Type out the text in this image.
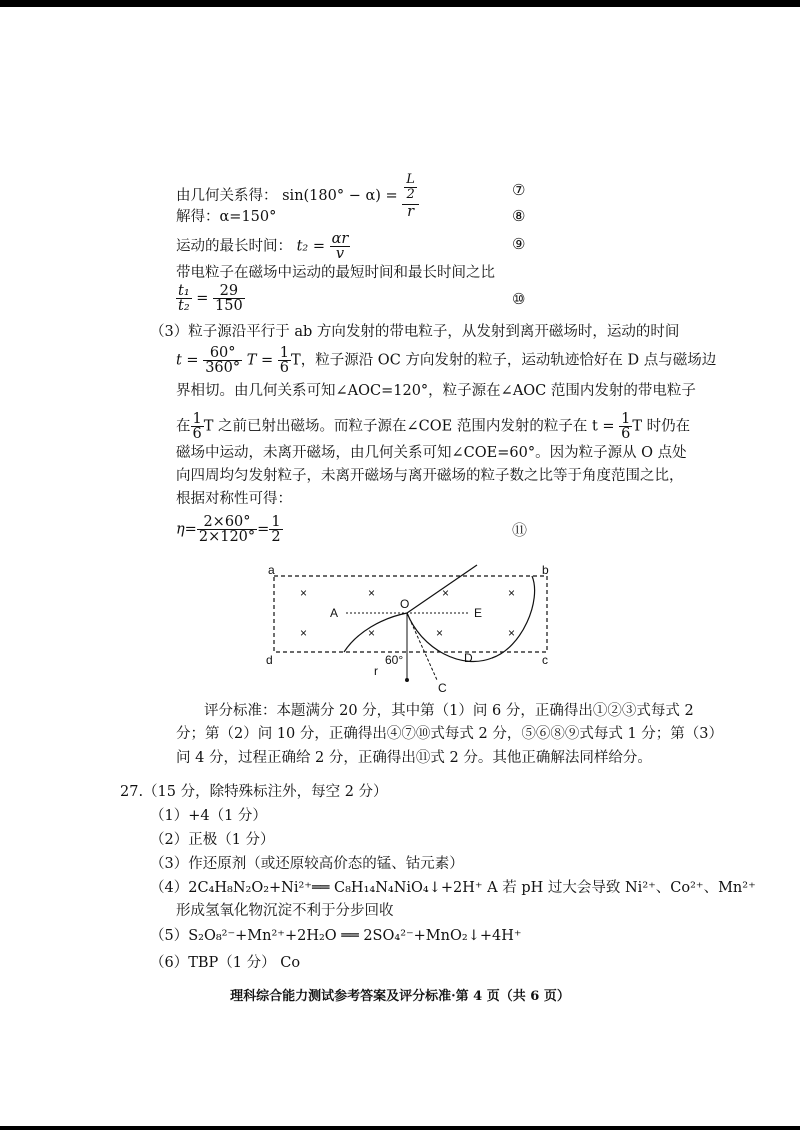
由几何关系得： $\sin(180^\circ - \alpha) = \frac{\frac{L}{2}}{r}$	⑦
解得：α=150°	⑧
运动的最长时间： $t_2 = \frac{\alpha r}{v}$	⑨
带电粒子在磁场中运动的最短时间和最长时间之比
$\frac{\text{t₁}}{\text{t₂}} = \frac{29}{150}$	⑩
（3）粒子源沿平行于 ab 方向发射的带电粒子，从发射到离开磁场时，运动的时间
$t = \frac{60^\circ}{360^\circ}$ $T = \frac{1}{6}$ T，粒子源沿 OC 方向发射的粒子，运动轨迹恰好在 D 点与磁场边
界相切。由几何关系可知∠AOC=120°，粒子源在∠AOC 范围内发射的带电粒子
在 $\frac{1}{6}$ T 之前已射出磁场。而粒子源在∠COE 范围内发射的粒子在 $t = \frac{1}{6}$ T 时仍在
磁场中运动，未离开磁场，由几何关系可知∠COE=60°。因为粒子源从 O 点处
向四周均匀发射粒子，未离开磁场与离开磁场的粒子数之比等于角度范围之比，
根据对称性可得：
$\eta= \frac{2\times 60^\circ}{2\times 120^\circ} = \frac{1}{2}$	⑪
a	b
c
d
×	×	×	×
×	×	×	×
A	E
O
D
C
r
60°
评分标准：本题满分 20 分，其中第（1）问 6 分，正确得出①②③式每式 2
分；第（2）问 10 分，正确得出④⑦⑩式每式 2 分，⑤⑥⑧⑨式每式 1 分；第（3）
问 4 分，过程正确给 2 分，正确得出⑪式 2 分。其他正确解法同样给分。
27.（15 分，除特殊标注外，每空 2 分）
（1）+4（1 分）
（2）正极（1 分）
（3）作还原剂（或还原较高价态的锰、钴元素）
（4）2C₄H₈N₂O₂+Ni²⁺══ C₈H₁₄N₄NiO₄↓+2H⁺ A 若 pH 过大会导致 Ni²⁺、Co²⁺、Mn²⁺
形成氢氧化物沉淀不利于分步回收
（5）S₂O₈²⁻+Mn²⁺+2H₂O ══ 2SO₄²⁻+MnO₂↓+4H⁺
（6）TBP（1 分） Co
理科综合能力测试参考答案及评分标准·第 4 页（共 6 页）
